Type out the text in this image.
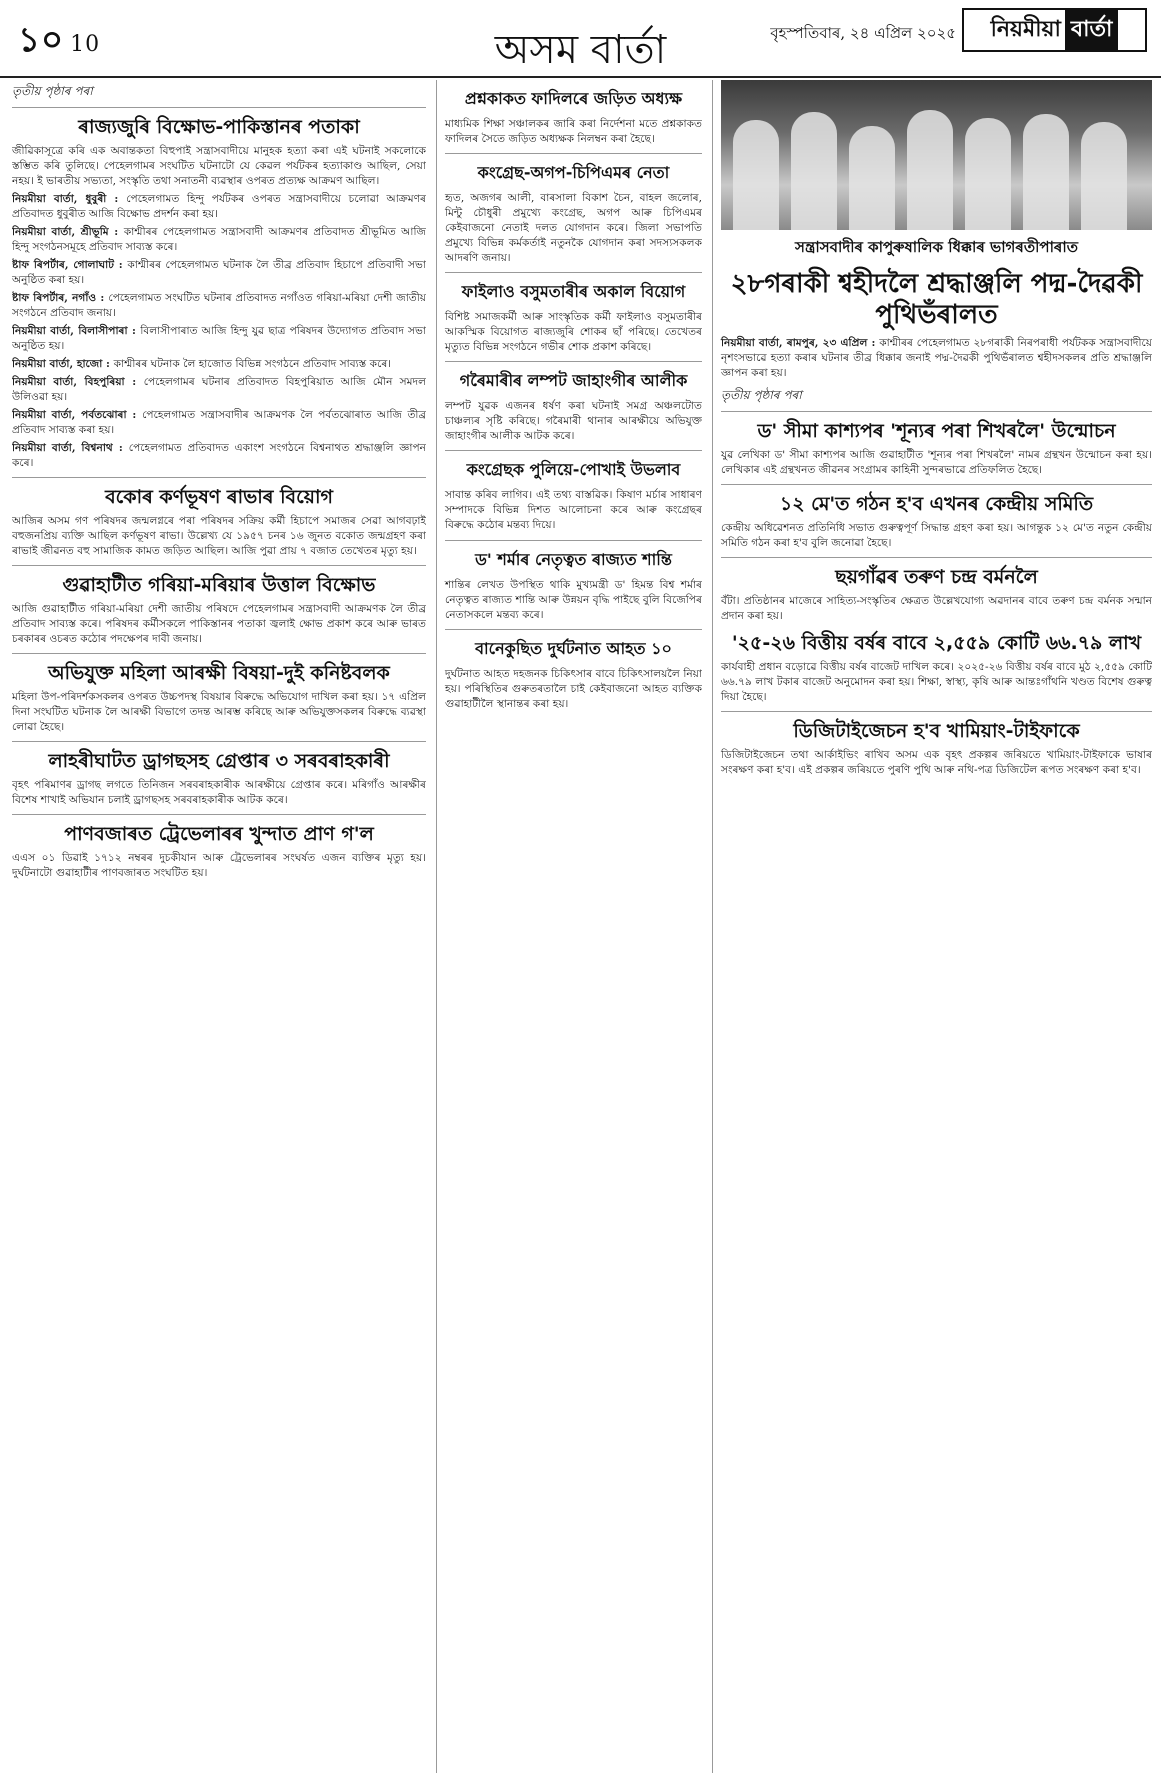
১০ 10	অসম বাৰ্তা	বৃহস্পতিবাৰ, ২৪ এপ্ৰিল ২০২৫ নিয়মীয়া বাৰ্তা
তৃতীয় পৃষ্ঠাৰ পৰা
ৰাজ্যজুৰি বিক্ষোভ-পাকিস্তানৰ পতাকা

জীৱিকাসূত্ৰে কৰি এক অবান্তকতা বিহুপাই সন্ত্ৰাসবাদীয়ে মানুহক হত্যা কৰা এই ঘটনাই সকলোকে স্তম্ভিত কৰি তুলিছে। পেহেলগামৰ সংঘটিত ঘটনাটো যে কেৱল পৰ্যটকৰ হত্যাকাণ্ড আছিল, সেয়া নহয়। ই ভাৰতীয় সভ্যতা, সংস্কৃতি তথা সনাতনী ব্যৱস্থাৰ ওপৰত প্ৰত্যক্ষ আক্ৰমণ আছিল।

নিয়মীয়া বাৰ্তা, ধুবুৰী : পেহেলগামত হিন্দু পৰ্যটকৰ ওপৰত সন্ত্ৰাসবাদীয়ে চলোৱা আক্ৰমণৰ প্ৰতিবাদত ধুবুৰীত আজি বিক্ষোভ প্ৰদৰ্শন কৰা হয়।

নিয়মীয়া বাৰ্তা, শ্ৰীভূমি : কাশ্মীৰৰ পেহেলগামত সন্ত্ৰাসবাদী আক্ৰমণৰ প্ৰতিবাদত শ্ৰীভূমিত আজি হিন্দু সংগঠনসমূহে প্ৰতিবাদ সাব্যস্ত কৰে।

ষ্টাফ ৰিপৰ্টাৰ, গোলাঘাট : কাশ্মীৰৰ পেহেলগামত ঘটনাক লৈ তীব্ৰ প্ৰতিবাদ হিচাপে প্ৰতিবাদী সভা অনুষ্ঠিত কৰা হয়।

ষ্টাফ ৰিপৰ্টাৰ, নগাঁও : পেহেলগামত সংঘটিত ঘটনাৰ প্ৰতিবাদত নগাঁওত গৰিয়া-মৰিয়া দেশী জাতীয় সংগঠনে প্ৰতিবাদ জনায়।

নিয়মীয়া বাৰ্তা, বিলাসীপাৰা : বিলাসীপাৰাত আজি হিন্দু যুৱ ছাত্ৰ পৰিষদৰ উদ্যোগত প্ৰতিবাদ সভা অনুষ্ঠিত হয়।

নিয়মীয়া বাৰ্তা, হাজো : কাশ্মীৰৰ ঘটনাক লৈ হাজোত বিভিন্ন সংগঠনে প্ৰতিবাদ সাব্যস্ত কৰে।

নিয়মীয়া বাৰ্তা, বিহপুৰিয়া : পেহেলগামৰ ঘটনাৰ প্ৰতিবাদত বিহপুৰিয়াত আজি মৌন সমদল উলিওৱা হয়।

নিয়মীয়া বাৰ্তা, পৰ্বতঝোৰা : পেহেলগামত সন্ত্ৰাসবাদীৰ আক্ৰমণক লৈ পৰ্বতঝোৰাত আজি তীব্ৰ প্ৰতিবাদ সাব্যস্ত কৰা হয়।

নিয়মীয়া বাৰ্তা, বিশ্বনাথ : পেহেলগামত প্ৰতিবাদত একাংশ সংগঠনে বিশ্বনাথত শ্ৰদ্ধাঞ্জলি জ্ঞাপন কৰে।

বকোৰ কৰ্ণভূষণ ৰাভাৰ বিয়োগ

আজিৰ অসম গণ পৰিষদৰ জন্মলগ্নৰে পৰা পৰিষদৰ সক্ৰিয় কৰ্মী হিচাপে সমাজৰ সেৱা আগবঢ়াই বহুজনপ্ৰিয় ব্যক্তি আছিল কৰ্ণভূষণ ৰাভা। উল্লেখ্য যে ১৯৫৭ চনৰ ১৬ জুনত বকোত জন্মগ্ৰহণ কৰা ৰাভাই জীৱনত বহু সামাজিক কামত জড়িত আছিল। আজি পুৱা প্ৰায় ৭ বজাত তেখেতৰ মৃত্যু হয়।

গুৱাহাটীত গৰিয়া-মৰিয়াৰ উত্তাল বিক্ষোভ

আজি গুৱাহাটীত গৰিয়া-মৰিয়া দেশী জাতীয় পৰিষদে পেহেলগামৰ সন্ত্ৰাসবাদী আক্ৰমণক লৈ তীব্ৰ প্ৰতিবাদ সাব্যস্ত কৰে। পৰিষদৰ কৰ্মীসকলে পাকিস্তানৰ পতাকা জ্বলাই ক্ষোভ প্ৰকাশ কৰে আৰু ভাৰত চৰকাৰৰ ওচৰত কঠোৰ পদক্ষেপৰ দাবী জনায়।

অভিযুক্ত মহিলা আৰক্ষী বিষয়া-দুই কনিষ্টবলক

মহিলা উপ-পৰিদৰ্শকসকলৰ ওপৰত উচ্চপদস্থ বিষয়াৰ বিৰুদ্ধে অভিযোগ দাখিল কৰা হয়। ১৭ এপ্ৰিল দিনা সংঘটিত ঘটনাক লৈ আৰক্ষী বিভাগে তদন্ত আৰম্ভ কৰিছে আৰু অভিযুক্তসকলৰ বিৰুদ্ধে ব্যৱস্থা লোৱা হৈছে।

লাহৰীঘাটত ড্ৰাগছসহ গ্ৰেপ্তাৰ ৩ সৰবৰাহকাৰী

বৃহৎ পৰিমাণৰ ড্ৰাগছ লগতে তিনিজন সৰবৰাহকাৰীক আৰক্ষীয়ে গ্ৰেপ্তাৰ কৰে। মৰিগাঁও আৰক্ষীৰ বিশেষ শাখাই অভিযান চলাই ড্ৰাগছসহ সৰবৰাহকাৰীক আটক কৰে।

পাণবজাৰত ট্ৰেভেলাৰৰ খুন্দাত প্ৰাণ গ'ল

এএস ০১ ডিৱাই ১৭১২ নম্বৰৰ দুচকীযান আৰু ট্ৰেভেলাৰৰ সংঘৰ্ষত এজন ব্যক্তিৰ মৃত্যু হয়। দুৰ্ঘটনাটো গুৱাহাটীৰ পাণবজাৰত সংঘটিত হয়।

প্ৰশ্নকাকত ফাদিলৰে জড়িত অধ্যক্ষ

মাধ্যমিক শিক্ষা সঞ্চালকৰ জাৰি কৰা নিৰ্দেশনা মতে প্ৰশ্নকাকত ফাদিলৰ সৈতে জড়িত অধ্যক্ষক নিলম্বন কৰা হৈছে।

কংগ্ৰেছ-অগপ-চিপিএমৰ নেতা

হৃত, অজগৰ আলী, বাৰসালা বিকাশ চৈন, বাহল জলোৰ, মিন্টু চৌধুৰী প্ৰমুখ্যে কংগ্ৰেছ, অগপ আৰু চিপিএমৰ কেইবাজনো নেতাই দলত যোগদান কৰে। জিলা সভাপতি প্ৰমুখ্যে বিভিন্ন কৰ্মকৰ্তাই নতুনকৈ যোগদান কৰা সদস্যসকলক আদৰণি জনায়।

ফাইলাও বসুমতাৰীৰ অকাল বিয়োগ

বিশিষ্ট সমাজকৰ্মী আৰু সাংস্কৃতিক কৰ্মী ফাইলাও বসুমতাৰীৰ আকস্মিক বিয়োগত ৰাজ্যজুৰি শোকৰ ছাঁ পৰিছে। তেখেতৰ মৃত্যুত বিভিন্ন সংগঠনে গভীৰ শোক প্ৰকাশ কৰিছে।

গৰৈমাৰীৰ লম্পট জাহাংগীৰ আলীক

লম্পট যুৱক এজনৰ ধৰ্ষণ কৰা ঘটনাই সমগ্ৰ অঞ্চলটোত চাঞ্চল্যৰ সৃষ্টি কৰিছে। গৰৈমাৰী থানাৰ আৰক্ষীয়ে অভিযুক্ত জাহাংগীৰ আলীক আটক কৰে।

কংগ্ৰেছক পুলিয়ে-পোখাই উভলাব

সাবান্ত কৰিব লাগিব। এই তথ্য বাস্তৱিক। কিষাণ মৰ্চাৰ সাধাৰণ সম্পাদকে বিভিন্ন দিশত আলোচনা কৰে আৰু কংগ্ৰেছৰ বিৰুদ্ধে কঠোৰ মন্তব্য দিয়ে।

ড' শৰ্মাৰ নেতৃত্বত ৰাজ্যত শান্তি

শান্তিৰ লেখত উপস্থিত থাকি মুখ্যমন্ত্ৰী ড' হিমন্ত বিশ্ব শৰ্মাৰ নেতৃত্বত ৰাজ্যত শান্তি আৰু উন্নয়ন বৃদ্ধি পাইছে বুলি বিজেপিৰ নেতাসকলে মন্তব্য কৰে।

বানেকুছিত দুৰ্ঘটনাত আহত ১০

দুৰ্ঘটনাত আহত দহজনক চিকিৎসাৰ বাবে চিকিৎসালয়লৈ নিয়া হয়। পৰিস্থিতিৰ গুৰুতৰতালৈ চাই কেইবাজনো আহত ব্যক্তিক গুৱাহাটীলৈ স্থানান্তৰ কৰা হয়।

সন্ত্ৰাসবাদীৰ কাপুৰুষালিক ধিক্কাৰ ভাগৰতীপাৰাত
২৮গৰাকী শ্বহীদলৈ শ্ৰদ্ধাঞ্জলি পদ্ম-দৈৱকী পুথিভঁৰালত

নিয়মীয়া বাৰ্তা, ৰামপুৰ, ২৩ এপ্ৰিল : কাশ্মীৰৰ পেহেলগামত ২৮গৰাকী নিৰপৰাধী পৰ্যটকক সন্ত্ৰাসবাদীয়ে নৃশংসভাৱে হত্যা কৰাৰ ঘটনাৰ তীব্ৰ ধিক্কাৰ জনাই পদ্ম-দৈৱকী পুথিভঁৰালত শ্বহীদসকলৰ প্ৰতি শ্ৰদ্ধাঞ্জলি জ্ঞাপন কৰা হয়।

তৃতীয় পৃষ্ঠাৰ পৰা
ড' সীমা কাশ্যপৰ 'শূন্যৰ পৰা শিখৰলৈ' উন্মোচন

যুৱ লেখিকা ড' সীমা কাশ্যপৰ আজি গুৱাহাটীত 'শূন্যৰ পৰা শিখৰলৈ' নামৰ গ্ৰন্থখন উন্মোচন কৰা হয়। লেখিকাৰ এই গ্ৰন্থখনত জীৱনৰ সংগ্ৰামৰ কাহিনী সুন্দৰভাৱে প্ৰতিফলিত হৈছে।

১২ মে'ত গঠন হ'ব এখনৰ কেন্দ্ৰীয় সমিতি

কেন্দ্ৰীয় অধিৱেশনত প্ৰতিনিধি সভাত গুৰুত্বপূৰ্ণ সিদ্ধান্ত গ্ৰহণ কৰা হয়। আগন্তুক ১২ মে'ত নতুন কেন্দ্ৰীয় সমিতি গঠন কৰা হ'ব বুলি জনোৱা হৈছে।

ছয়গাঁৱৰ তৰুণ চন্দ্ৰ বৰ্মনলৈ

বঁটা। প্ৰতিষ্ঠানৰ মাজেৰে সাহিত্য-সংস্কৃতিৰ ক্ষেত্ৰত উল্লেখযোগ্য অৱদানৰ বাবে তৰুণ চন্দ্ৰ বৰ্মনক সন্মান প্ৰদান কৰা হয়।

'২৫-২৬ বিত্তীয় বৰ্ষৰ বাবে ২,৫৫৯ কোটি ৬৬.৭৯ লাখ

কাৰ্যবাহী প্ৰধান বড়োৱে বিত্তীয় বৰ্ষৰ বাজেট দাখিল কৰে। ২০২৫-২৬ বিত্তীয় বৰ্ষৰ বাবে মুঠ ২,৫৫৯ কোটি ৬৬.৭৯ লাখ টকাৰ বাজেট অনুমোদন কৰা হয়। শিক্ষা, স্বাস্থ্য, কৃষি আৰু আন্তঃগাঁথনি খণ্ডত বিশেষ গুৰুত্ব দিয়া হৈছে।

ডিজিটাইজেচন হ'ব খামিয়াং-টাইফাকে

ডিজিটাইজেচন তথা আৰ্কাইভিং ৰাখিব অসম এক বৃহৎ প্ৰকল্পৰ জৰিয়তে খামিয়াং-টাইফাকে ভাষাৰ সংৰক্ষণ কৰা হ'ব। এই প্ৰকল্পৰ জৰিয়তে পুৰণি পুথি আৰু নথি-পত্ৰ ডিজিটেল ৰূপত সংৰক্ষণ কৰা হ'ব।
